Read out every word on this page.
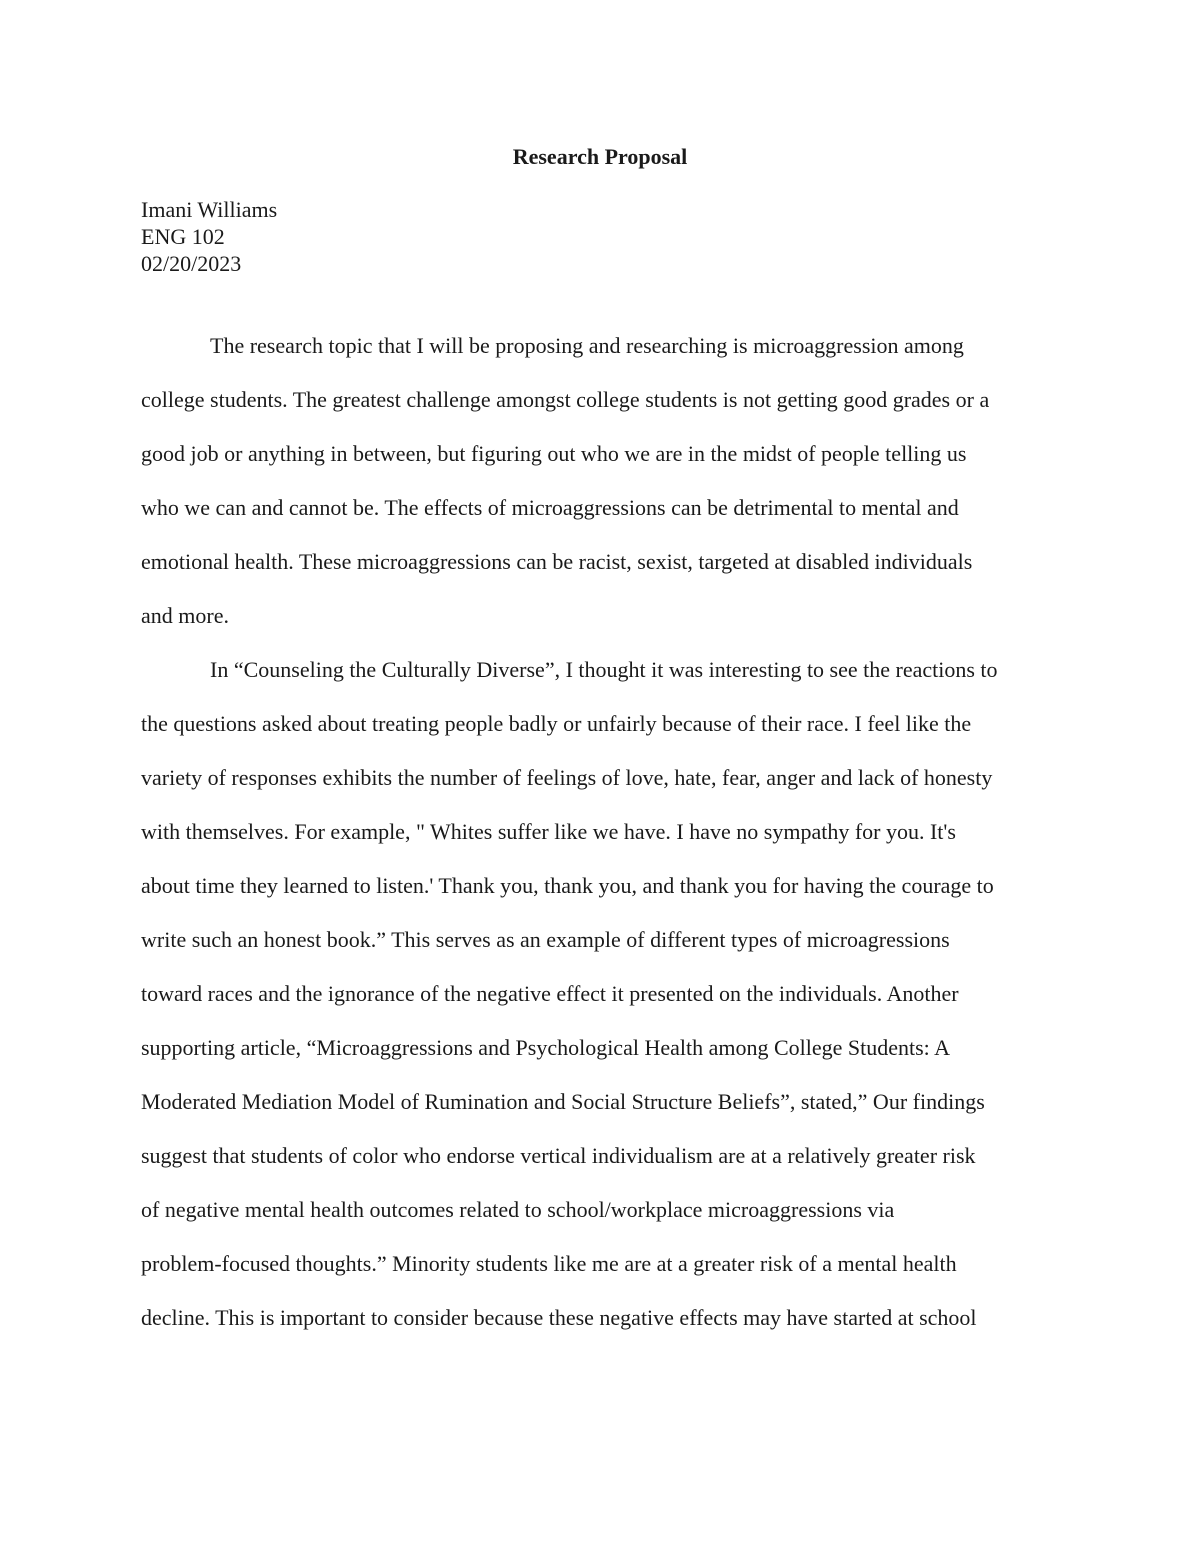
Research Proposal
Imani Williams
ENG 102
02/20/2023
The research topic that I will be proposing and researching is microaggression among
college students. The greatest challenge amongst college students is not getting good grades or a
good job or anything in between, but figuring out who we are in the midst of people telling us
who we can and cannot be. The effects of microaggressions can be detrimental to mental and
emotional health. These microaggressions can be racist, sexist, targeted at disabled individuals
and more.
In “Counseling the Culturally Diverse”, I thought it was interesting to see the reactions to
the questions asked about treating people badly or unfairly because of their race. I feel like the
variety of responses exhibits the number of feelings of love, hate, fear, anger and lack of honesty
with themselves. For example, " Whites suffer like we have. I have no sympathy for you. It's
about time they learned to listen.' Thank you, thank you, and thank you for having the courage to
write such an honest book.” This serves as an example of different types of microagressions
toward races and the ignorance of the negative effect it presented on the individuals. Another
supporting article, “Microaggressions and Psychological Health among College Students: A
Moderated Mediation Model of Rumination and Social Structure Beliefs”, stated,” Our findings
suggest that students of color who endorse vertical individualism are at a relatively greater risk
of negative mental health outcomes related to school/workplace microaggressions via
problem-focused thoughts.” Minority students like me are at a greater risk of a mental health
decline. This is important to consider because these negative effects may have started at school
